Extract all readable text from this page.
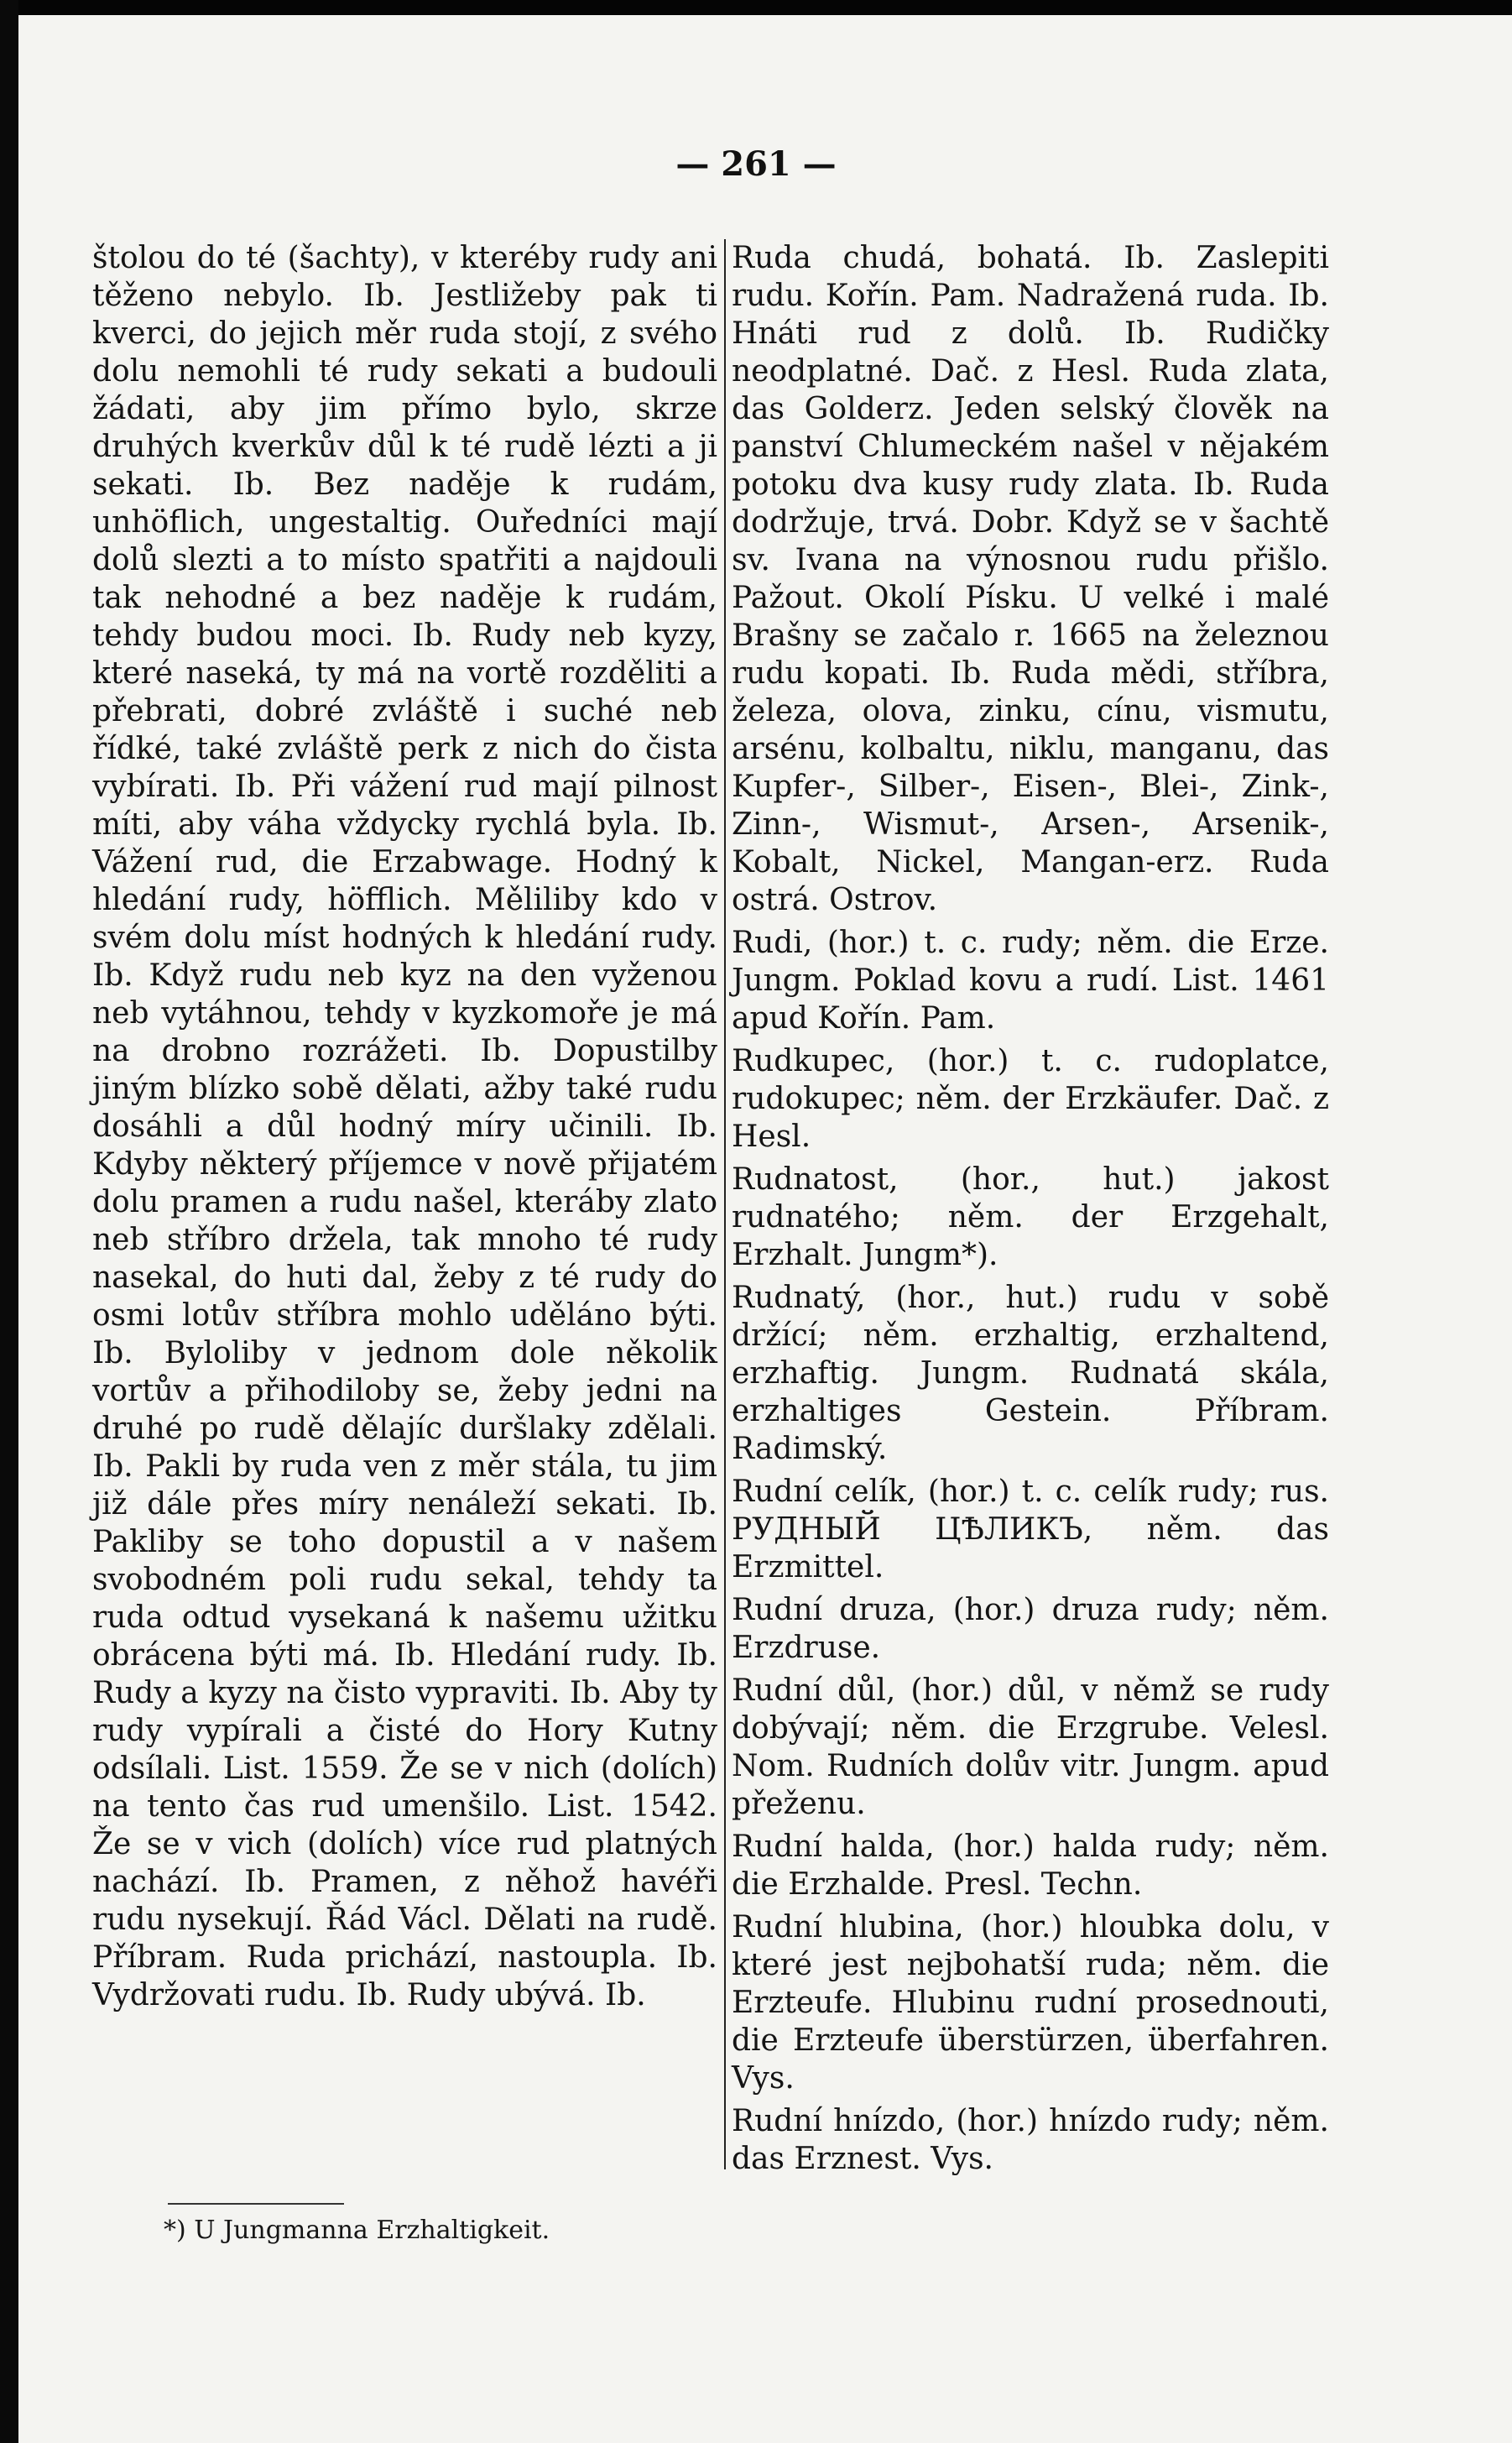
— 261 —

štolou do té (šachty), v kteréby rudy ani těženo nebylo. Ib. Jestližeby pak ti kverci, do jejich měr ruda stojí, z svého dolu nemohli té rudy sekati a budouli žádati, aby jim přímo bylo, skrze druhých kverkův důl k té rudě lézti a ji sekati. Ib. Bez naděje k rudám, unhöflich, ungestaltig. Ouředníci mají dolů slezti a to místo spatřiti a najdouli tak nehodné a bez naděje k rudám, tehdy budou moci. Ib. Rudy neb kyzy, které naseká, ty má na vortě rozděliti a přebrati, dobré zvláště i suché neb řídké, také zvláště perk z nich do čista vybírati. Ib. Při vážení rud mají pilnost míti, aby váha vždycky rychlá byla. Ib. Vážení rud, die Erzabwage. Hodný k hledání rudy, höfflich. Měliliby kdo v svém dolu míst hodných k hledání rudy. Ib. Když rudu neb kyz na den vyženou neb vytáhnou, tehdy v kyzkomoře je má na drobno rozrážeti. Ib. Dopustilby jiným blízko sobě dělati, ažby také rudu dosáhli a důl hodný míry učinili. Ib. Kdyby některý příjemce v nově přijatém dolu pramen a rudu našel, kteráby zlato neb stříbro držela, tak mnoho té rudy nasekal, do huti dal, žeby z té rudy do osmi lotův stříbra mohlo uděláno býti. Ib. Byloliby v jednom dole několik vortův a přihodiloby se, žeby jedni na druhé po rudě dělajíc duršlaky zdělali. Ib. Pakli by ruda ven z měr stála, tu jim již dále přes míry nenáleží sekati. Ib. Pakliby se toho dopustil a v našem svobodném poli rudu sekal, tehdy ta ruda odtud vysekaná k našemu užitku obrácena býti má. Ib. Hledání rudy. Ib. Rudy a kyzy na čisto vypraviti. Ib. Aby ty rudy vypírali a čisté do Hory Kutny odsílali. List. 1559. Že se v nich (dolích) na tento čas rud umenšilo. List. 1542. Že se v vich (dolích) více rud platných nachází. Ib. Pramen, z něhož havéři rudu nysekují. Řád Václ. Dělati na rudě. Příbram. Ruda prichází, nastoupla. Ib. Vydržovati rudu. Ib. Rudy ubývá. Ib.

Ruda chudá, bohatá. Ib. Zaslepiti rudu. Kořín. Pam. Nadražená ruda. Ib. Hnáti rud z dolů. Ib. Rudičky neodplatné. Dač. z Hesl. Ruda zlata, das Golderz. Jeden selský člověk na panství Chlumeckém našel v nějakém potoku dva kusy rudy zlata. Ib. Ruda dodržuje, trvá. Dobr. Když se v šachtě sv. Ivana na výnosnou rudu přišlo. Pažout. Okolí Písku. U velké i malé Brašny se začalo r. 1665 na železnou rudu kopati. Ib. Ruda mědi, stříbra, železa, olova, zinku, cínu, vismutu, arsénu, kolbaltu, niklu, manganu, das Kupfer-, Silber-, Eisen-, Blei-, Zink-, Zinn-, Wismut-, Arsen-, Arsenik-, Kobalt, Nickel, Mangan-erz. Ruda ostrá. Ostrov.

Rudi, (hor.) t. c. rudy; něm. die Erze. Jungm. Poklad kovu a rudí. List. 1461 apud Kořín. Pam.

Rudkupec, (hor.) t. c. rudoplatce, rudokupec; něm. der Erzkäufer. Dač. z Hesl.

Rudnatost, (hor., hut.) jakost rudnatého; něm. der Erzgehalt, Erzhalt. Jungm*).

Rudnatý, (hor., hut.) rudu v sobě držící; něm. erzhaltig, erzhaltend, erzhaftig. Jungm. Rudnatá skála, erzhaltiges Gestein. Příbram. Radimský.

Rudní celík, (hor.) t. c. celík rudy; rus. РУДНЫЙ ЦѢЛИКЪ, něm. das Erzmittel.

Rudní druza, (hor.) druza rudy; něm. Erzdruse.

Rudní důl, (hor.) důl, v němž se rudy dobývají; něm. die Erzgrube. Velesl. Nom. Rudních dolův vitr. Jungm. apud přeženu.

Rudní halda, (hor.) halda rudy; něm. die Erzhalde. Presl. Techn.

Rudní hlubina, (hor.) hloubka dolu, v které jest nejbohatší ruda; něm. die Erzteufe. Hlubinu rudní prosednouti, die Erzteufe überstürzen, überfahren. Vys.

Rudní hnízdo, (hor.) hnízdo rudy; něm. das Erznest. Vys.

*) U Jungmanna Erzhaltigkeit.
